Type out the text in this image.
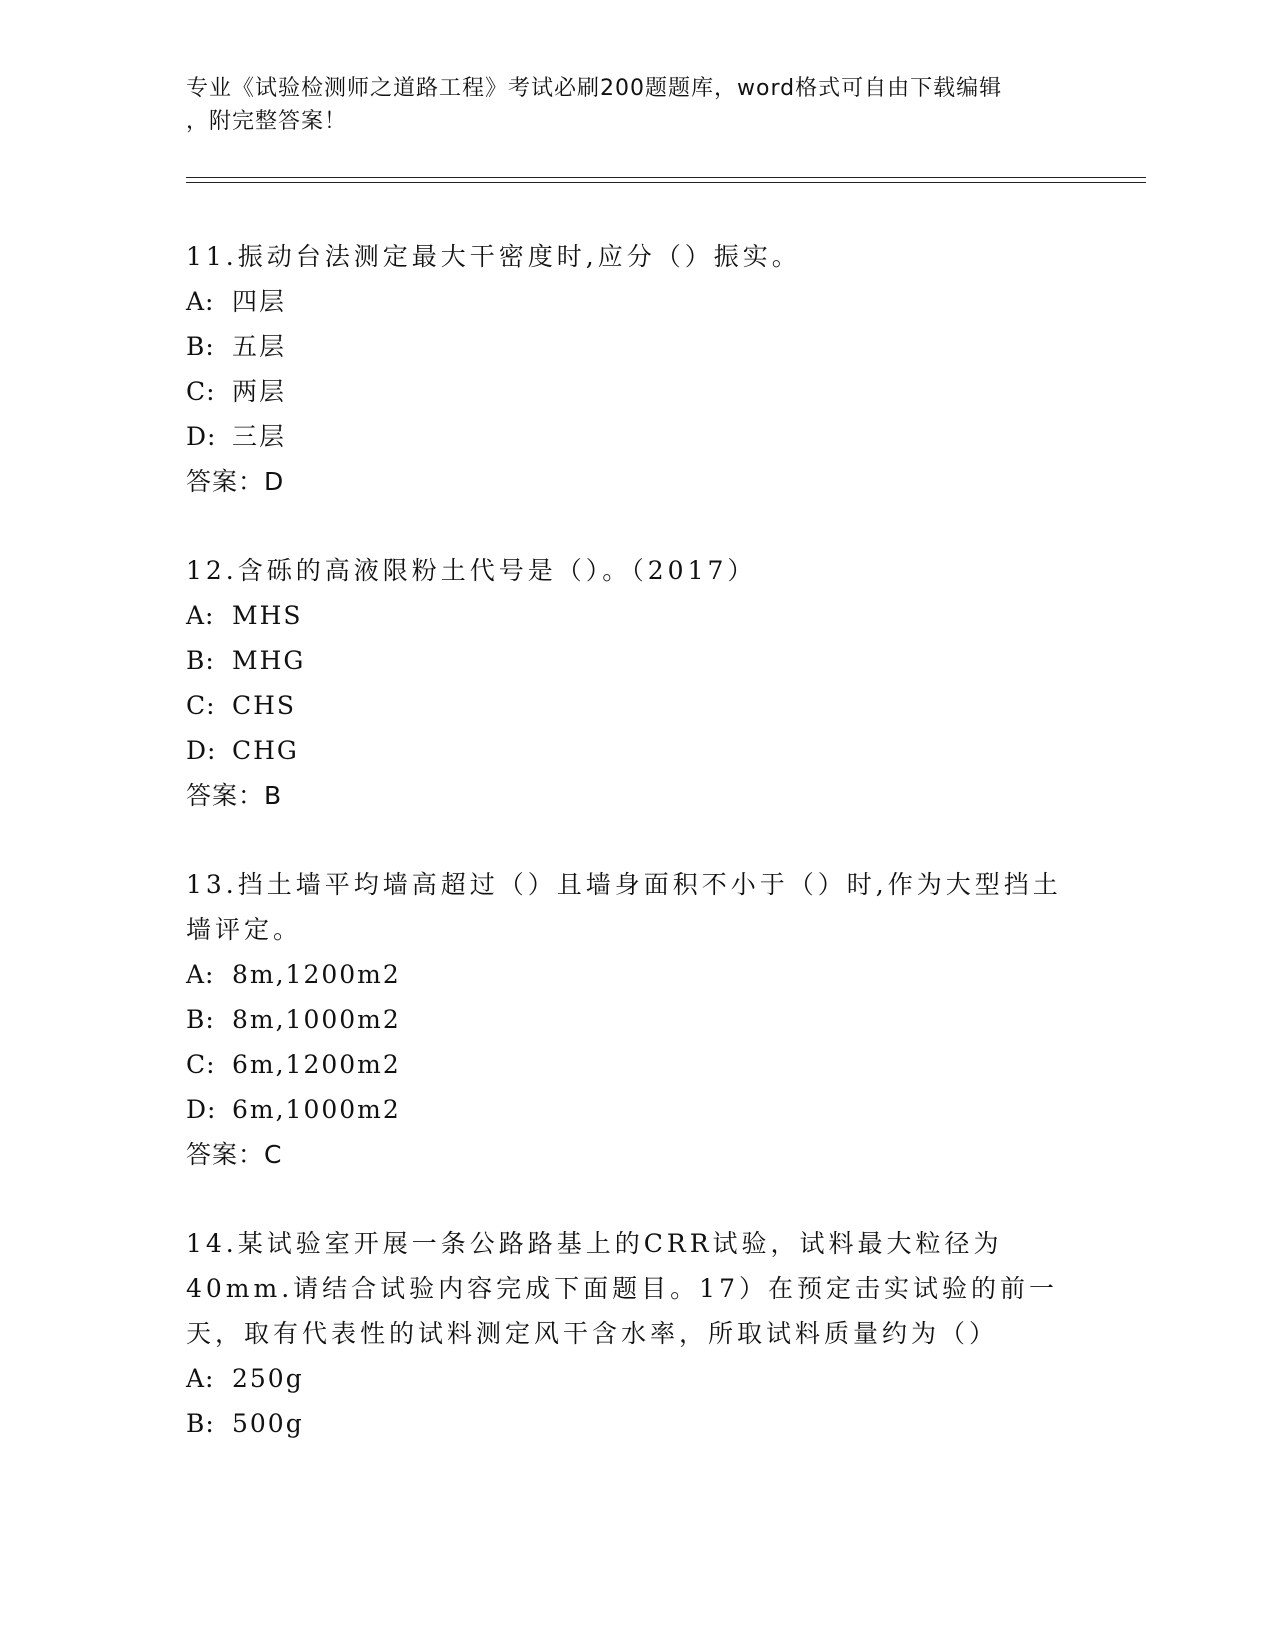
专业《试验检测师之道路工程》考试必刷200题题库，word格式可自由下载编辑
，附完整答案！

11.振动台法测定最大干密度时,应分（）振实。

A: 四层

B: 五层

C: 两层

D: 三层

答案：D

12.含砾的高液限粉土代号是（）。（2017）

A: MHS

B: MHG

C: CHS

D: CHG

答案：B

13.挡土墙平均墙高超过（）且墙身面积不小于（）时,作为大型挡土墙评定。

A: 8m,1200m2

B: 8m,1000m2

C: 6m,1200m2

D: 6m,1000m2

答案：C

14.某试验室开展一条公路路基上的CRR试验，试料最大粒径为40mm.请结合试验内容完成下面题目。17）在预定击实试验的前一天，取有代表性的试料测定风干含水率，所取试料质量约为（）

A: 250g

B: 500g
